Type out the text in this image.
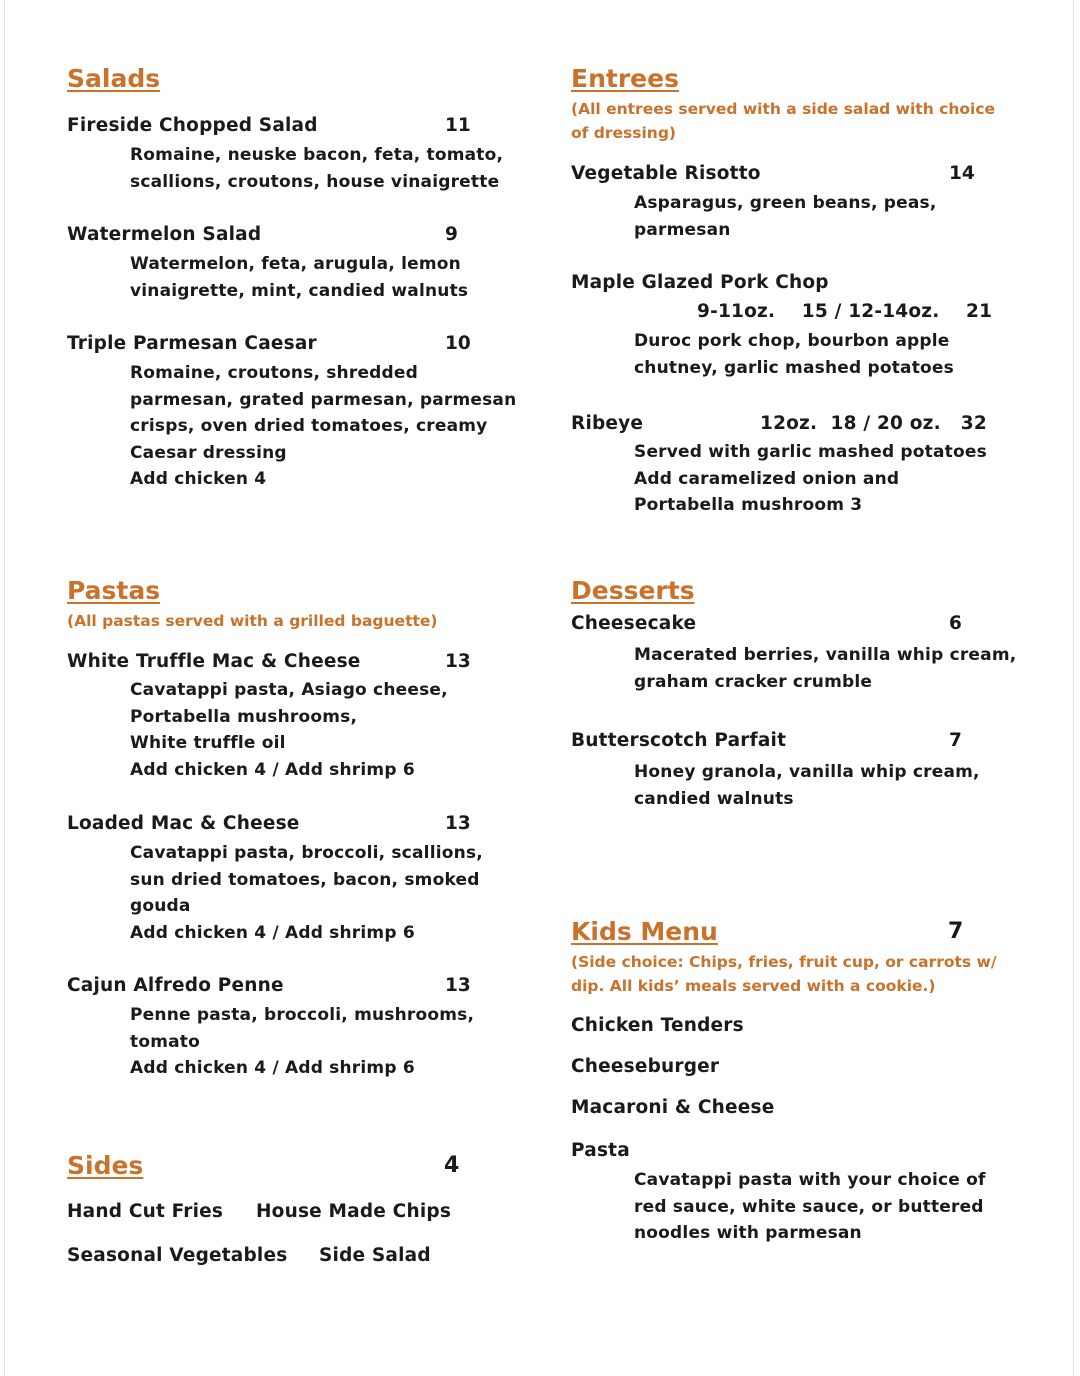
Salads
Fireside Chopped Salad	11
Romaine, neuske bacon, feta, tomato,
scallions, croutons, house vinaigrette
Watermelon Salad	9
Watermelon, feta, arugula, lemon
vinaigrette, mint, candied walnuts
Triple Parmesan Caesar	10
Romaine, croutons, shredded
parmesan, grated parmesan, parmesan
crisps, oven dried tomatoes, creamy
Caesar dressing
Add chicken 4
Pastas
(All pastas served with a grilled baguette)
White Truffle Mac & Cheese	13
Cavatappi pasta, Asiago cheese,
Portabella mushrooms,
White truffle oil
Add chicken 4 / Add shrimp 6
Loaded Mac & Cheese	13
Cavatappi pasta, broccoli, scallions,
sun dried tomatoes, bacon, smoked
gouda
Add chicken 4 / Add shrimp 6
Cajun Alfredo Penne	13
Penne pasta, broccoli, mushrooms,
tomato
Add chicken 4 / Add shrimp 6
Sides	4
Hand Cut Fries House Made Chips
Seasonal Vegetables Side Salad
Entrees
(All entrees served with a side salad with choice of dressing)
Vegetable Risotto	14
Asparagus, green beans, peas,
parmesan
Maple Glazed Pork Chop
9-11oz. 15 / 12-14oz. 21
Duroc pork chop, bourbon apple
chutney, garlic mashed potatoes
Ribeye	12oz. 18 / 20 oz. 32
Served with garlic mashed potatoes
Add caramelized onion and
Portabella mushroom 3
Desserts
Cheesecake	6
Macerated berries, vanilla whip cream,
graham cracker crumble
Butterscotch Parfait	7
Honey granola, vanilla whip cream,
candied walnuts
Kids Menu	7
(Side choice: Chips, fries, fruit cup, or carrots w/ dip. All kids’ meals served with a cookie.)
Chicken Tenders
Cheeseburger
Macaroni & Cheese
Pasta
Cavatappi pasta with your choice of
red sauce, white sauce, or buttered
noodles with parmesan
